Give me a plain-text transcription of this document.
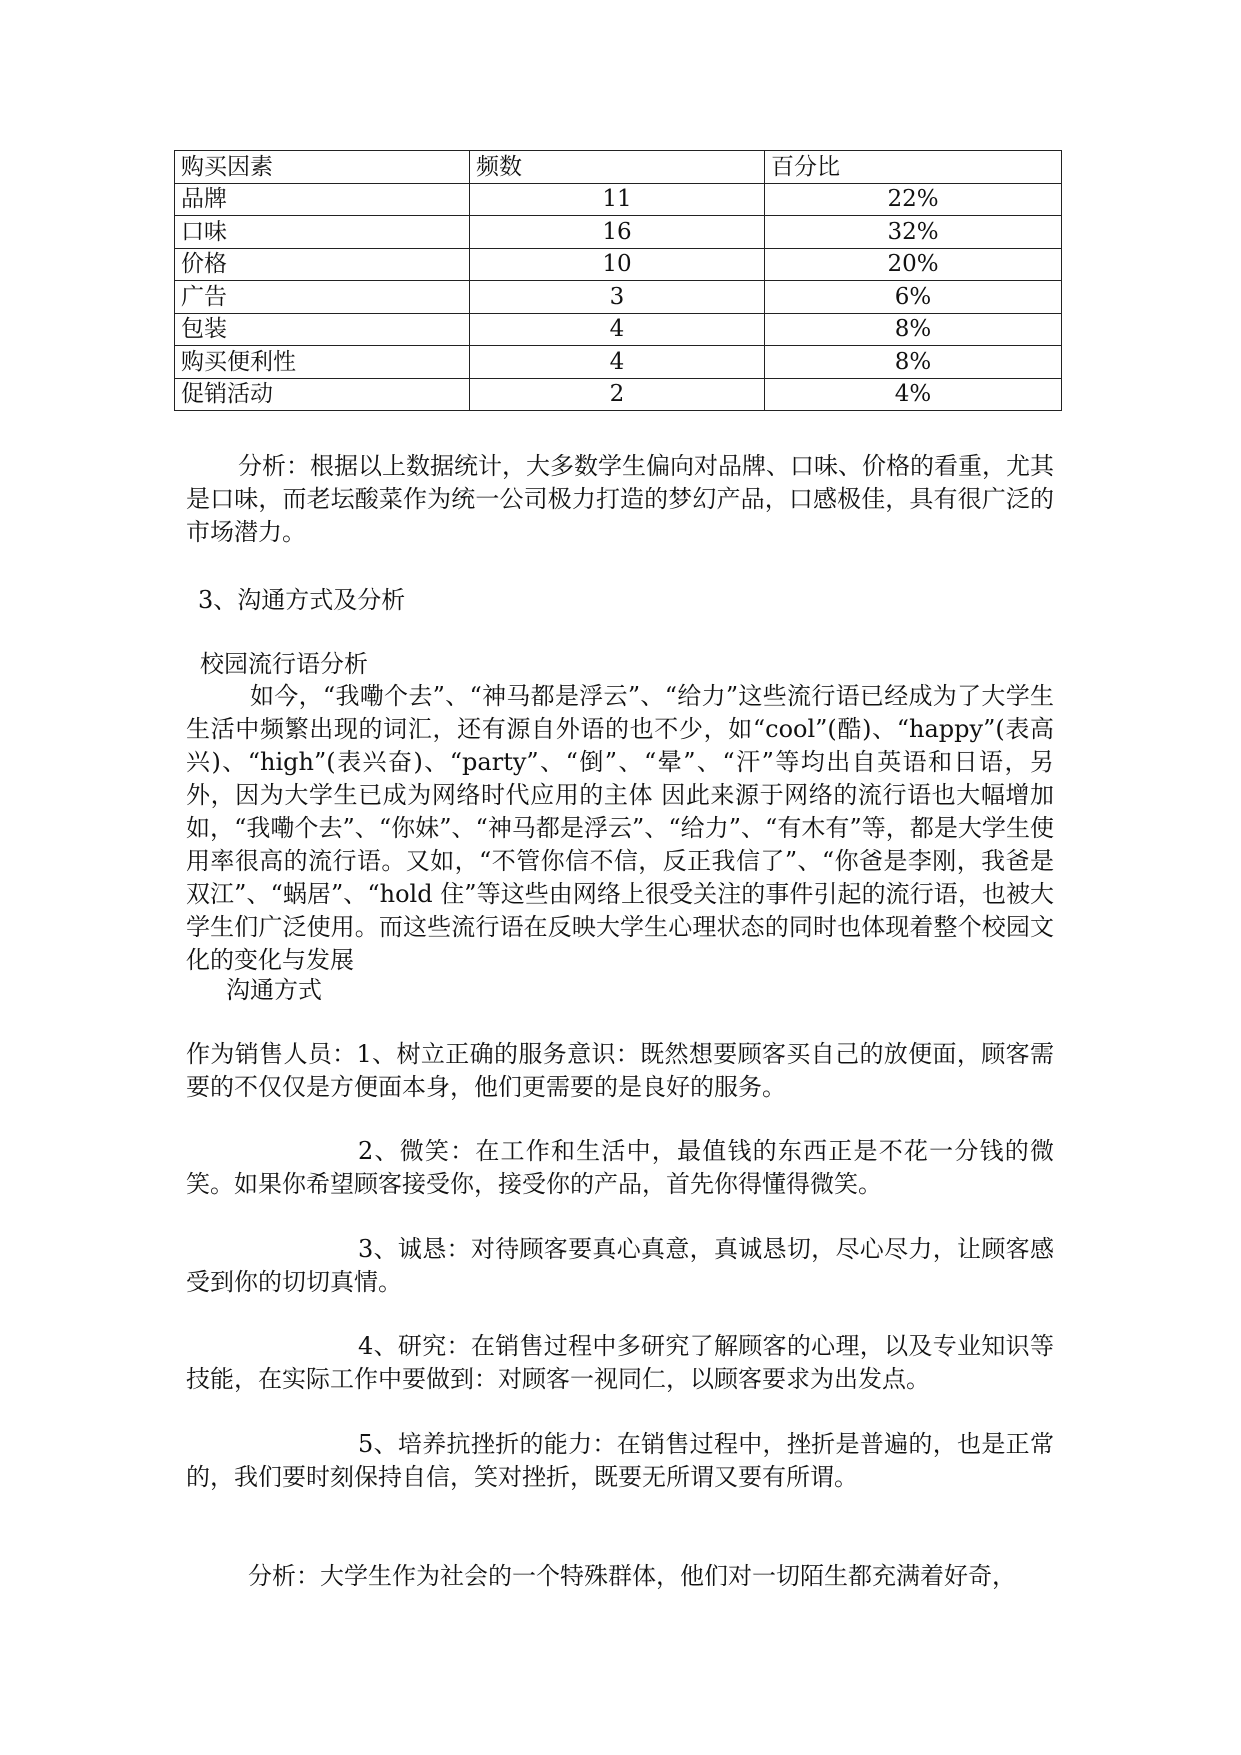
购买因素	频数	百分比
品牌	11	22%
口味	16	32%
价格	10	20%
广告	3	6%
包装	4	8%
购买便利性	4	8%
促销活动	2	4%

分析：根据以上数据统计，大多数学生偏向对品牌、口味、价格的看重，尤其是口味，而老坛酸菜作为统一公司极力打造的梦幻产品，口感极佳，具有很广泛的市场潜力。

3、沟通方式及分析

校园流行语分析

如今，“我嘞个去”、“神马都是浮云”、“给力”这些流行语已经成为了大学生生活中频繁出现的词汇，还有源自外语的也不少，如“cool”(酷)、“happy”(表高兴)、“high”(表兴奋)、“party”、“倒”、“晕”、“汗”等均出自英语和日语，另外，因为大学生已成为网络时代应用的主体 因此来源于网络的流行语也大幅增加 如，“我嘞个去”、“你妹”、“神马都是浮云”、“给力”、“有木有”等，都是大学生使用率很高的流行语。又如，“不管你信不信，反正我信了”、“你爸是李刚，我爸是双江”、“蜗居”、“hold 住”等这些由网络上很受关注的事件引起的流行语，也被大学生们广泛使用。而这些流行语在反映大学生心理状态的同时也体现着整个校园文化的变化与发展

沟通方式

作为销售人员：1、树立正确的服务意识：既然想要顾客买自己的放便面，顾客需要的不仅仅是方便面本身，他们更需要的是良好的服务。

2、微笑：在工作和生活中，最值钱的东西正是不花一分钱的微笑。如果你希望顾客接受你，接受你的产品，首先你得懂得微笑。

3、诚恳：对待顾客要真心真意，真诚恳切，尽心尽力，让顾客感受到你的切切真情。

4、研究：在销售过程中多研究了解顾客的心理，以及专业知识等技能，在实际工作中要做到：对顾客一视同仁，以顾客要求为出发点。

5、培养抗挫折的能力：在销售过程中，挫折是普遍的，也是正常的，我们要时刻保持自信，笑对挫折，既要无所谓又要有所谓。

分析：大学生作为社会的一个特殊群体，他们对一切陌生都充满着好奇，
